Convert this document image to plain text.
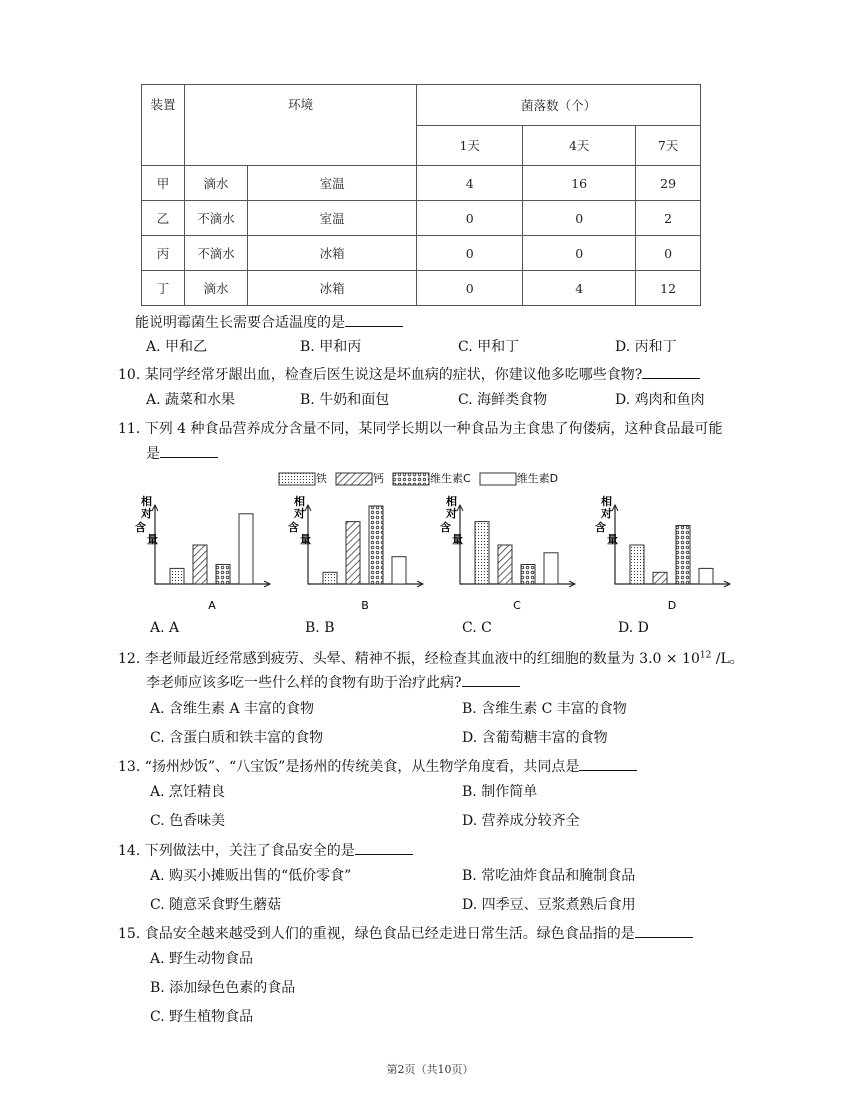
装置	环境		菌落数（个）		
			1天	4天	7天
甲	滴水	室温	4	16	29
乙	不滴水	室温	0	0	2
丙	不滴水	冰箱	0	0	0
丁	滴水	冰箱	0	4	12
能说明霉菌生长需要合适温度的是
A. 甲和乙	B. 甲和丙	C. 甲和丁	D. 丙和丁
10. 某同学经常牙龈出血，检查后医生说这是坏血病的症状，你建议他多吃哪些食物?
A. 蔬菜和水果	B. 牛奶和面包	C. 海鲜类食物	D. 鸡肉和鱼肉
11. 下列 4 种食品营养成分含量不同，某同学长期以一种食品为主食患了佝偻病，这种食品最可能
是
铁	钙	维生素C	维生素D
相
对
含
量
A
相
对
含
量
B
相
对
含
量
C
相
对
含
量
D
A. A	B. B	C. C	D. D
12. 李老师最近经常感到疲劳、头晕、精神不振，经检查其血液中的红细胞的数量为 $3.0 \times 10^{12}$ /L。
李老师应该多吃一些什么样的食物有助于治疗此病?
A. 含维生素 A 丰富的食物	B. 含维生素 C 丰富的食物
C. 含蛋白质和铁丰富的食物	D. 含葡萄糖丰富的食物
13. “扬州炒饭”、“八宝饭”是扬州的传统美食，从生物学角度看，共同点是
A. 烹饪精良	B. 制作简单
C. 色香味美	D. 营养成分较齐全
14. 下列做法中，关注了食品安全的是
A. 购买小摊贩出售的“低价零食”	B. 常吃油炸食品和腌制食品
C. 随意采食野生蘑菇	D. 四季豆、豆浆煮熟后食用
15. 食品安全越来越受到人们的重视，绿色食品已经走进日常生活。绿色食品指的是
A. 野生动物食品
B. 添加绿色色素的食品
C. 野生植物食品
第2页（共10页）
